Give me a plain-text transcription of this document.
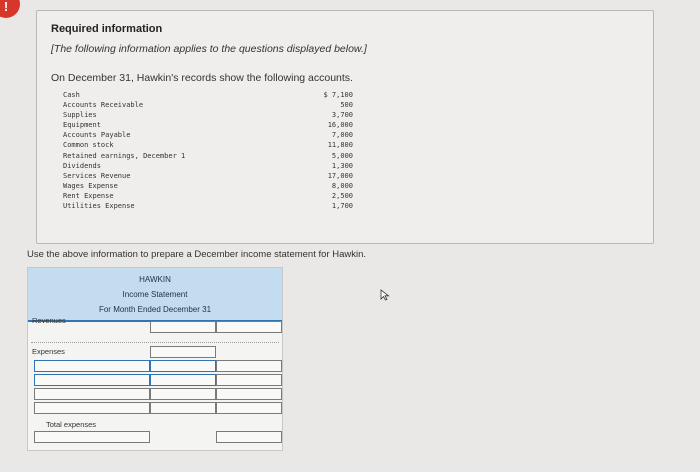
!
Required information
[The following information applies to the questions displayed below.]
On December 31, Hawkin's records show the following accounts.
Cash	$ 7,100
Accounts Receivable	500
Supplies	3,700
Equipment	16,000
Accounts Payable	7,000
Common stock	11,800
Retained earnings, December 1	5,000
Dividends	1,300
Services Revenue	17,000
Wages Expense	8,000
Rent Expense	2,500
Utilities Expense	1,700
Use the above information to prepare a December income statement for Hawkin.
HAWKIN
Income Statement
For Month Ended December 31
Revenues
Expenses
Total expenses
